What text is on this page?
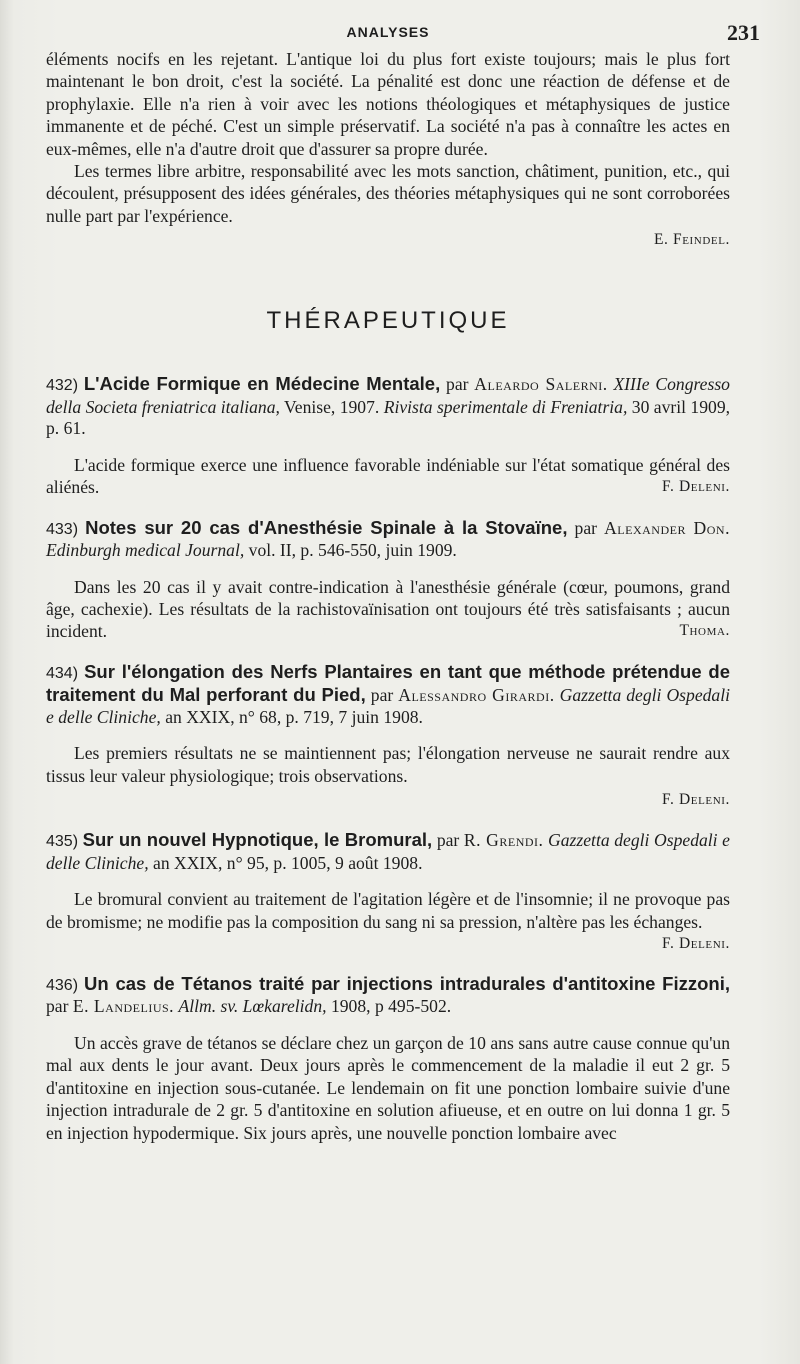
ANALYSES	231

éléments nocifs en les rejetant. L'antique loi du plus fort existe toujours; mais le plus fort maintenant le bon droit, c'est la société. La pénalité est donc une réaction de défense et de prophylaxie. Elle n'a rien à voir avec les notions théologiques et métaphysiques de justice immanente et de péché. C'est un simple préservatif. La société n'a pas à connaître les actes en eux-mêmes, elle n'a d'autre droit que d'assurer sa propre durée.

Les termes libre arbitre, responsabilité avec les mots sanction, châtiment, punition, etc., qui découlent, présupposent des idées générales, des théories métaphysiques qui ne sont corroborées nulle part par l'expérience.

E. Feindel.
THÉRAPEUTIQUE

432) L'Acide Formique en Médecine Mentale, par Aleardo Salerni. XIIIe Congresso della Societa freniatrica italiana, Venise, 1907. Rivista sperimentale di Freniatria, 30 avril 1909, p. 61.

L'acide formique exerce une influence favorable indéniable sur l'état somatique général des aliénés.	F. Deleni.

433) Notes sur 20 cas d'Anesthésie Spinale à la Stovaïne, par Alexander Don. Edinburgh medical Journal, vol. II, p. 546-550, juin 1909.

Dans les 20 cas il y avait contre-indication à l'anesthésie générale (cœur, poumons, grand âge, cachexie). Les résultats de la rachistovaïnisation ont toujours été très satisfaisants ; aucun incident.	Thoma.

434) Sur l'élongation des Nerfs Plantaires en tant que méthode prétendue de traitement du Mal perforant du Pied, par Alessandro Girardi. Gazzetta degli Ospedali e delle Cliniche, an XXIX, n° 68, p. 719, 7 juin 1908.

Les premiers résultats ne se maintiennent pas; l'élongation nerveuse ne saurait rendre aux tissus leur valeur physiologique; trois observations.

F. Deleni.

435) Sur un nouvel Hypnotique, le Bromural, par R. Grendi. Gazzetta degli Ospedali e delle Cliniche, an XXIX, n° 95, p. 1005, 9 août 1908.

Le bromural convient au traitement de l'agitation légère et de l'insomnie; il ne provoque pas de bromisme; ne modifie pas la composition du sang ni sa pression, n'altère pas les échanges.
F. Deleni.

436) Un cas de Tétanos traité par injections intradurales d'antitoxine Fizzoni, par E. Landelius. Allm. sv. Lœkarelidn, 1908, p 495-502.

Un accès grave de tétanos se déclare chez un garçon de 10 ans sans autre cause connue qu'un mal aux dents le jour avant. Deux jours après le commencement de la maladie il eut 2 gr. 5 d'antitoxine en injection sous-cutanée. Le lendemain on fit une ponction lombaire suivie d'une injection intradurale de 2 gr. 5 d'antitoxine en solution afiueuse, et en outre on lui donna 1 gr. 5 en injection hypodermique. Six jours après, une nouvelle ponction lombaire avec
